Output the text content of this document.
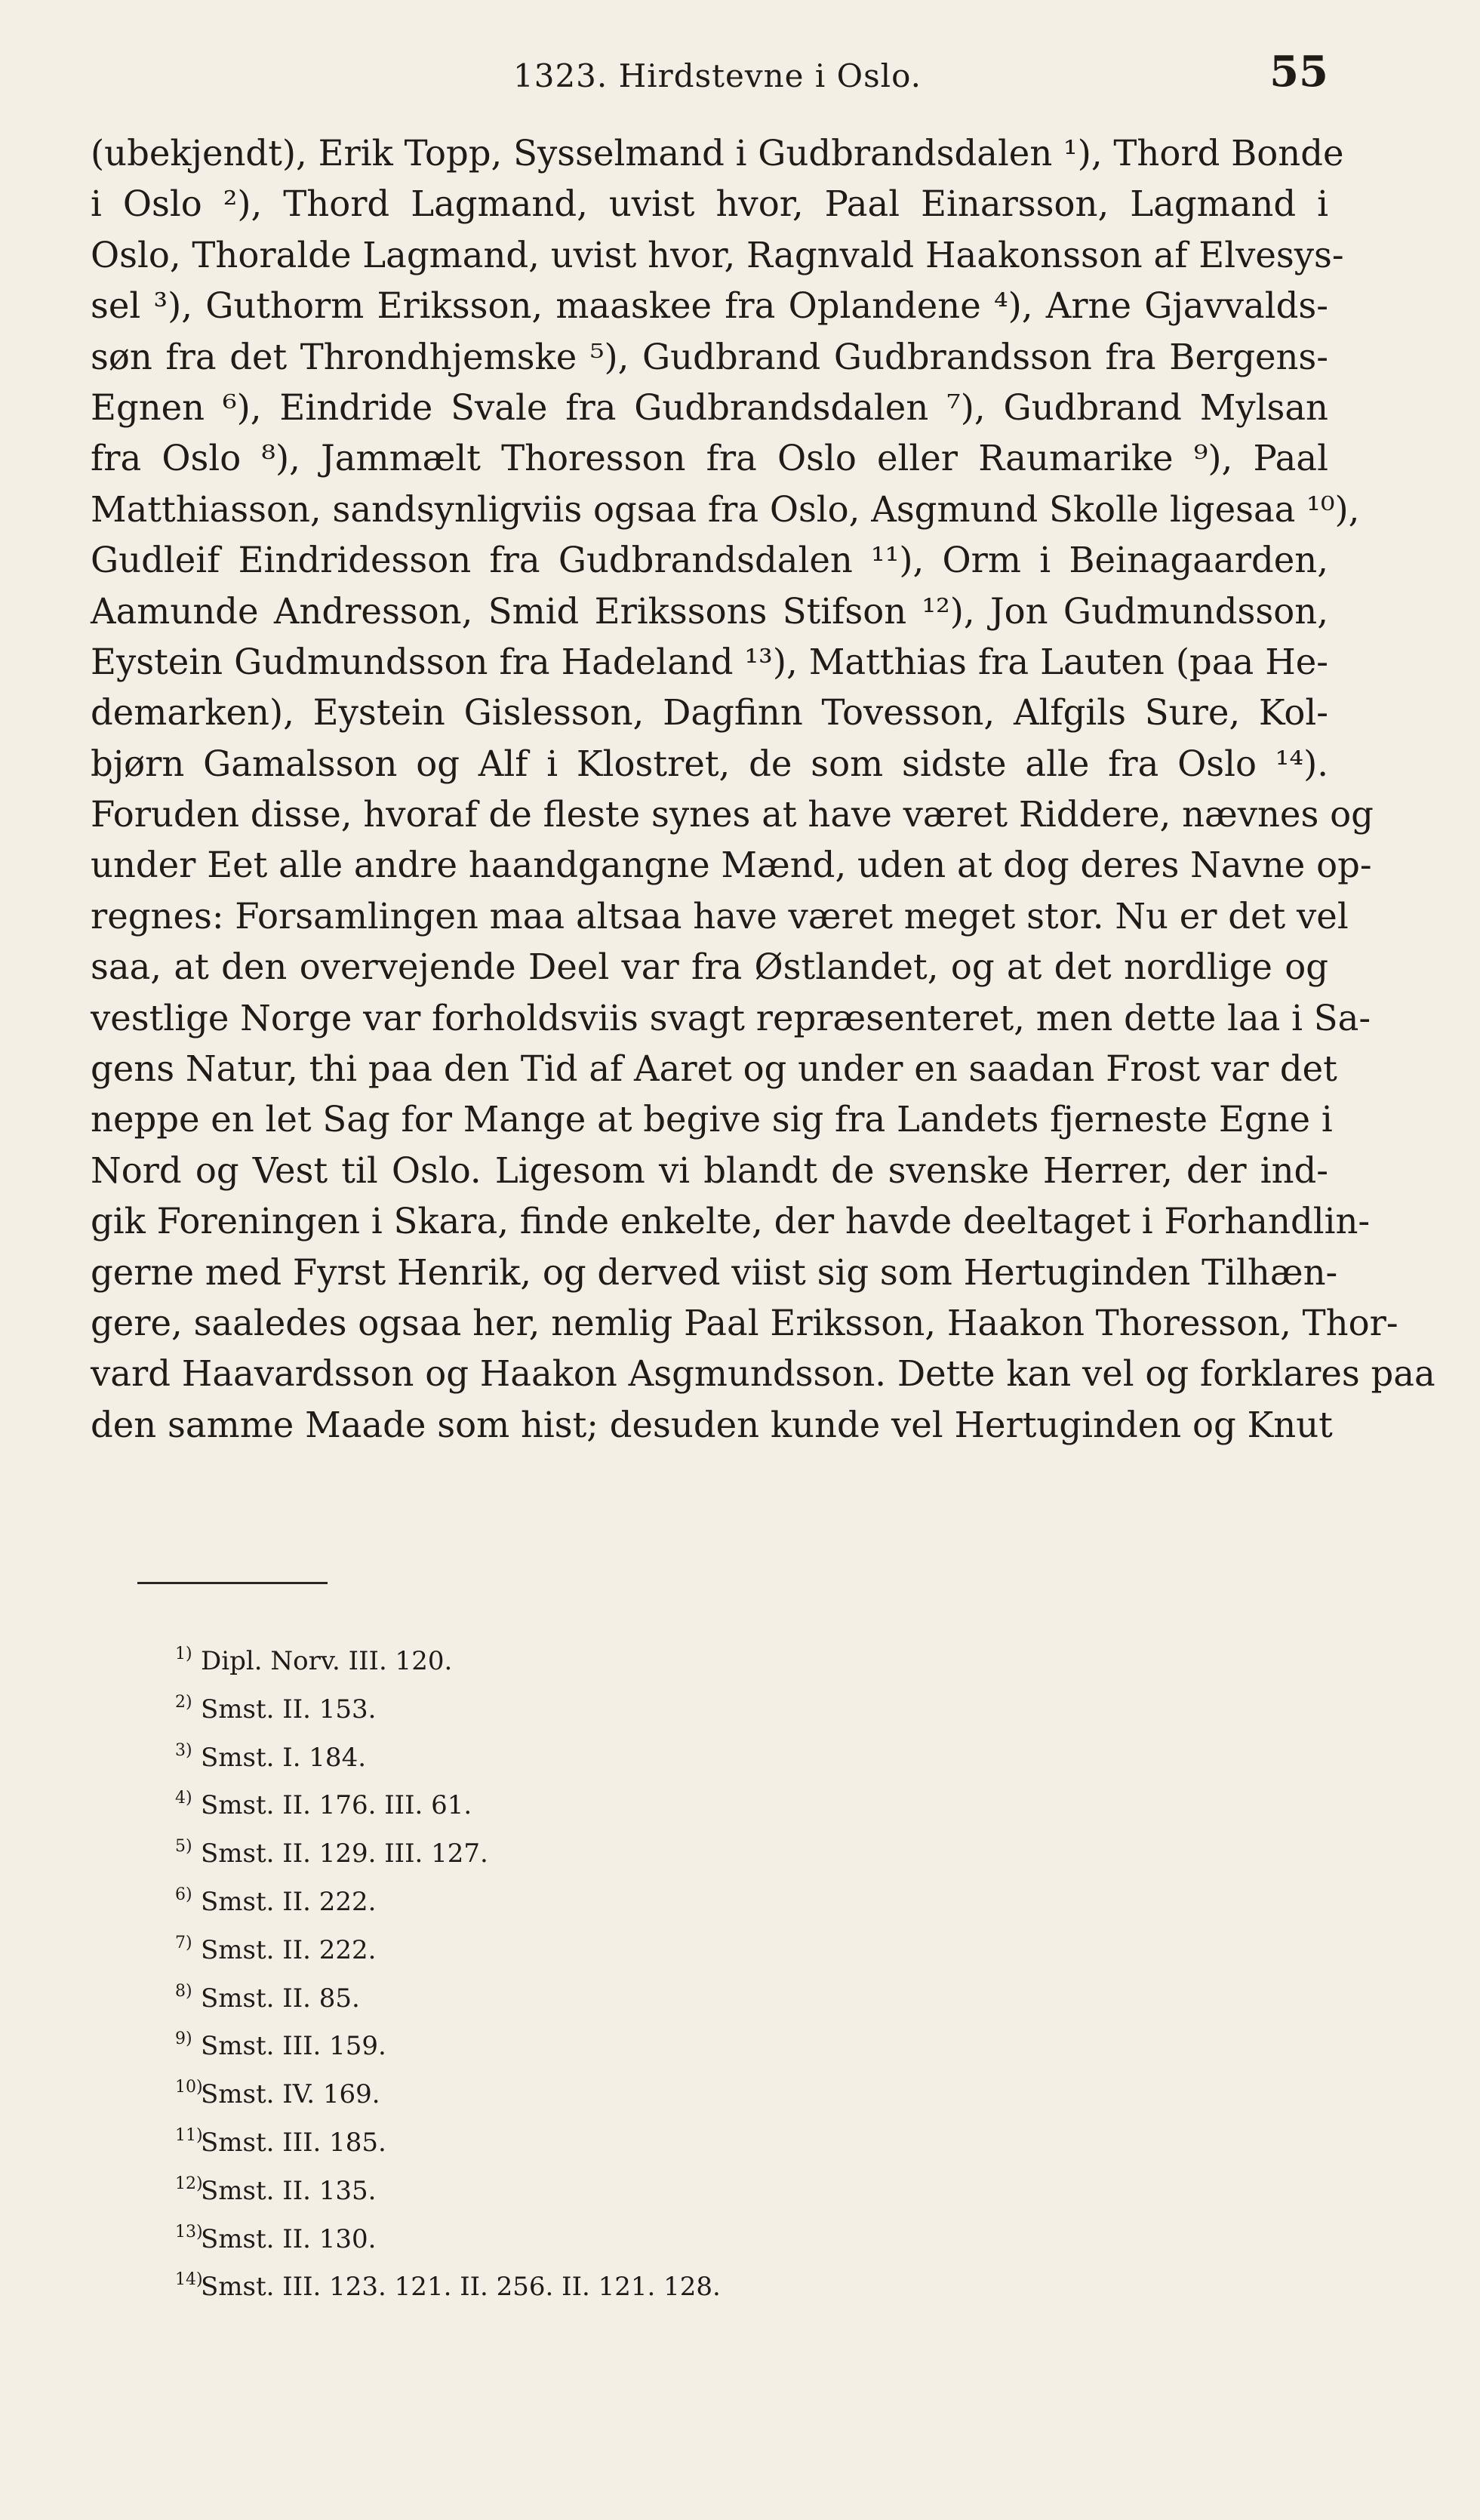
1323. Hirdstevne i Oslo.	55
(ubekjendt), Erik Topp, Sysselmand i Gudbrandsdalen ¹), Thord Bonde
i Oslo ²), Thord Lagmand, uvist hvor, Paal Einarsson, Lagmand i
Oslo, Thoralde Lagmand, uvist hvor, Ragnvald Haakonsson af Elvesys-
sel ³), Guthorm Eriksson, maaskee fra Oplandene ⁴), Arne Gjavvalds-
søn fra det Throndhjemske ⁵), Gudbrand Gudbrandsson fra Bergens-
Egnen ⁶), Eindride Svale fra Gudbrandsdalen ⁷), Gudbrand Mylsan
fra Oslo ⁸), Jammælt Thoresson fra Oslo eller Raumarike ⁹), Paal
Matthiasson, sandsynligviis ogsaa fra Oslo, Asgmund Skolle ligesaa ¹⁰),
Gudleif Eindridesson fra Gudbrandsdalen ¹¹), Orm i Beinagaarden,
Aamunde Andresson, Smid Erikssons Stifson ¹²), Jon Gudmundsson,
Eystein Gudmundsson fra Hadeland ¹³), Matthias fra Lauten (paa He-
demarken), Eystein Gislesson, Dagfinn Tovesson, Alfgils Sure, Kol-
bjørn Gamalsson og Alf i Klostret, de som sidste alle fra Oslo ¹⁴).
Foruden disse, hvoraf de fleste synes at have været Riddere, nævnes og
under Eet alle andre haandgangne Mænd, uden at dog deres Navne op-
regnes: Forsamlingen maa altsaa have været meget stor. Nu er det vel
saa, at den overvejende Deel var fra Østlandet, og at det nordlige og
vestlige Norge var forholdsviis svagt repræsenteret, men dette laa i Sa-
gens Natur, thi paa den Tid af Aaret og under en saadan Frost var det
neppe en let Sag for Mange at begive sig fra Landets fjerneste Egne i
Nord og Vest til Oslo. Ligesom vi blandt de svenske Herrer, der ind-
gik Foreningen i Skara, finde enkelte, der havde deeltaget i Forhandlin-
gerne med Fyrst Henrik, og derved viist sig som Hertuginden Tilhæn-
gere, saaledes ogsaa her, nemlig Paal Eriksson, Haakon Thoresson, Thor-
vard Haavardsson og Haakon Asgmundsson. Dette kan vel og forklares paa
den samme Maade som hist; desuden kunde vel Hertuginden og Knut
1) Dipl. Norv. III. 120.
2) Smst. II. 153.
3) Smst. I. 184.
4) Smst. II. 176. III. 61.
5) Smst. II. 129. III. 127.
6) Smst. II. 222.
7) Smst. II. 222.
8) Smst. II. 85.
9) Smst. III. 159.
10)Smst. IV. 169.
11)Smst. III. 185.
12)Smst. II. 135.
13)Smst. II. 130.
14)Smst. III. 123. 121. II. 256. II. 121. 128.
